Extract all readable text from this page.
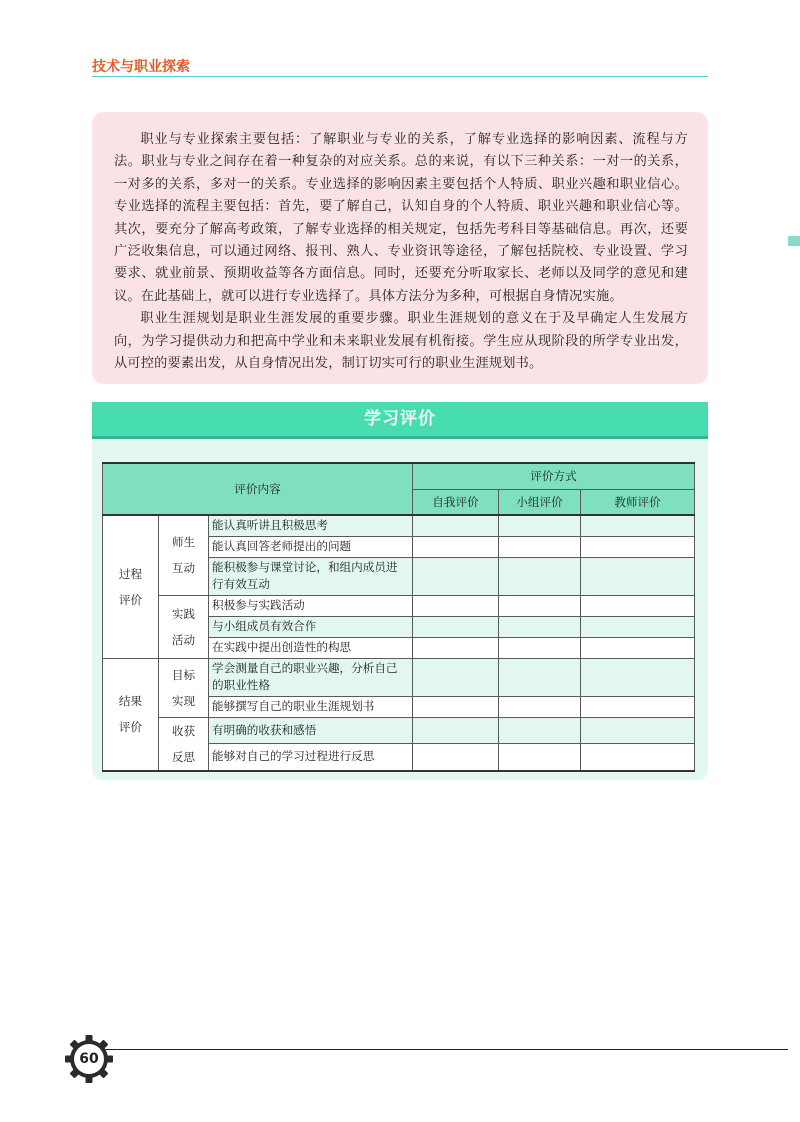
技术与职业探索

职业与专业探索主要包括：了解职业与专业的关系，了解专业选择的影响因素、流程与方法。职业与专业之间存在着一种复杂的对应关系。总的来说，有以下三种关系：一对一的关系，一对多的关系，多对一的关系。专业选择的影响因素主要包括个人特质、职业兴趣和职业信心。专业选择的流程主要包括：首先，要了解自己，认知自身的个人特质、职业兴趣和职业信心等。其次，要充分了解高考政策，了解专业选择的相关规定，包括先考科目等基础信息。再次，还要广泛收集信息，可以通过网络、报刊、熟人、专业资讯等途径，了解包括院校、专业设置、学习要求、就业前景、预期收益等各方面信息。同时，还要充分听取家长、老师以及同学的意见和建议。在此基础上，就可以进行专业选择了。具体方法分为多种，可根据自身情况实施。

职业生涯规划是职业生涯发展的重要步骤。职业生涯规划的意义在于及早确定人生发展方向，为学习提供动力和把高中学业和未来职业发展有机衔接。学生应从现阶段的所学专业出发，从可控的要素出发，从自身情况出发，制订切实可行的职业生涯规划书。

学习评价
评价内容			评价方式		
			自我评价	小组评价	教师评价

过程评价	师生互动	能认真听讲且积极思考			
		能认真回答老师提出的问题			
		能积极参与课堂讨论，和组内成员进行有效互动			

	实践活动	积极参与实践活动			
		与小组成员有效合作			
		在实践中提出创造性的构思			

结果评价	目标实现	学会测量自己的职业兴趣，分析自己的职业性格			
		能够撰写自己的职业生涯规划书			

	收获反思	有明确的收获和感悟			
		能够对自己的学习过程进行反思			
60
